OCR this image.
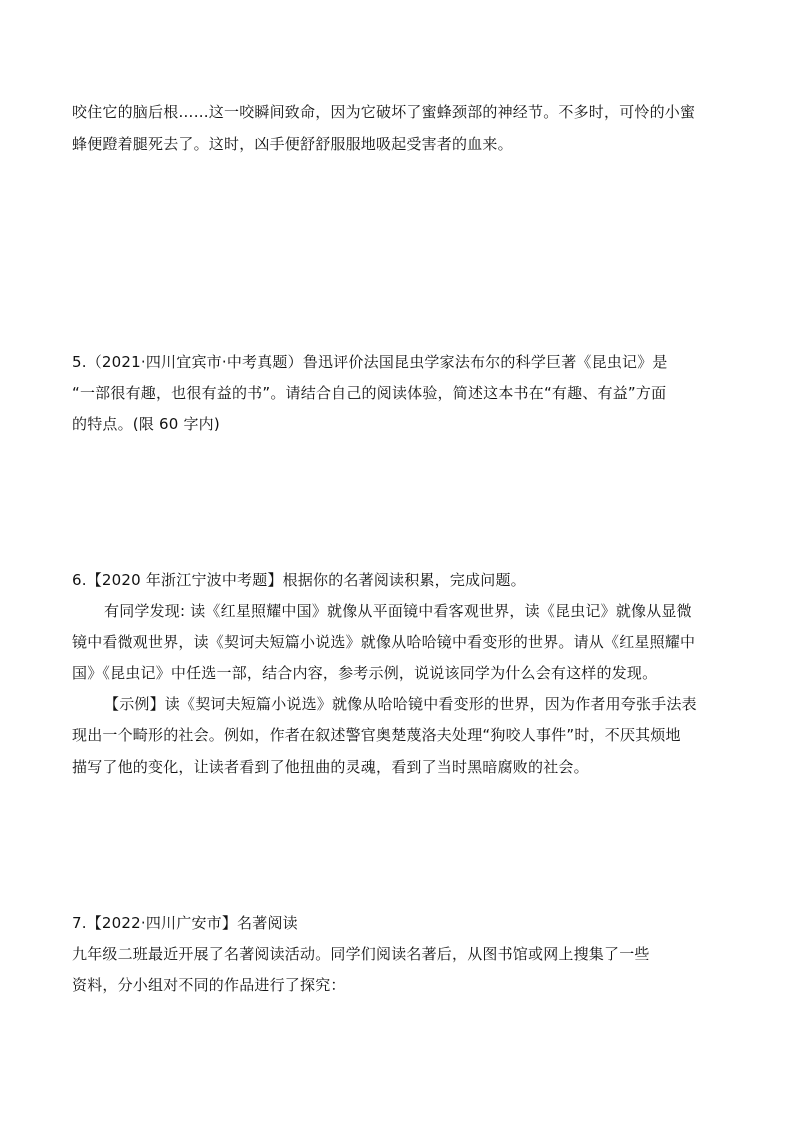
咬住它的脑后根……这一咬瞬间致命，因为它破坏了蜜蜂颈部的神经节。不多时，可怜的小蜜
蜂便蹬着腿死去了。这时，凶手便舒舒服服地吸起受害者的血来。
5.（2021·四川宜宾市·中考真题）鲁迅评价法国昆虫学家法布尔的科学巨著《昆虫记》是
“一部很有趣，也很有益的书”。请结合自己的阅读体验，简述这本书在“有趣、有益”方面
的特点。(限 60 字内)
6.【2020 年浙江宁波中考题】根据你的名著阅读积累，完成问题。
有同学发现: 读《红星照耀中国》就像从平面镜中看客观世界，读《昆虫记》就像从显微
镜中看微观世界，读《契诃夫短篇小说选》就像从哈哈镜中看变形的世界。请从《红星照耀中
国》《昆虫记》中任选一部，结合内容，参考示例，说说该同学为什么会有这样的发现。
【示例】读《契诃夫短篇小说选》就像从哈哈镜中看变形的世界，因为作者用夸张手法表
现出一个畸形的社会。例如，作者在叙述警官奥楚蔑洛夫处理“狗咬人事件”时，不厌其烦地
描写了他的变化，让读者看到了他扭曲的灵魂，看到了当时黑暗腐败的社会。
7.【2022·四川广安市】名著阅读
九年级二班最近开展了名著阅读活动。同学们阅读名著后，从图书馆或网上搜集了一些
资料，分小组对不同的作品进行了探究：
